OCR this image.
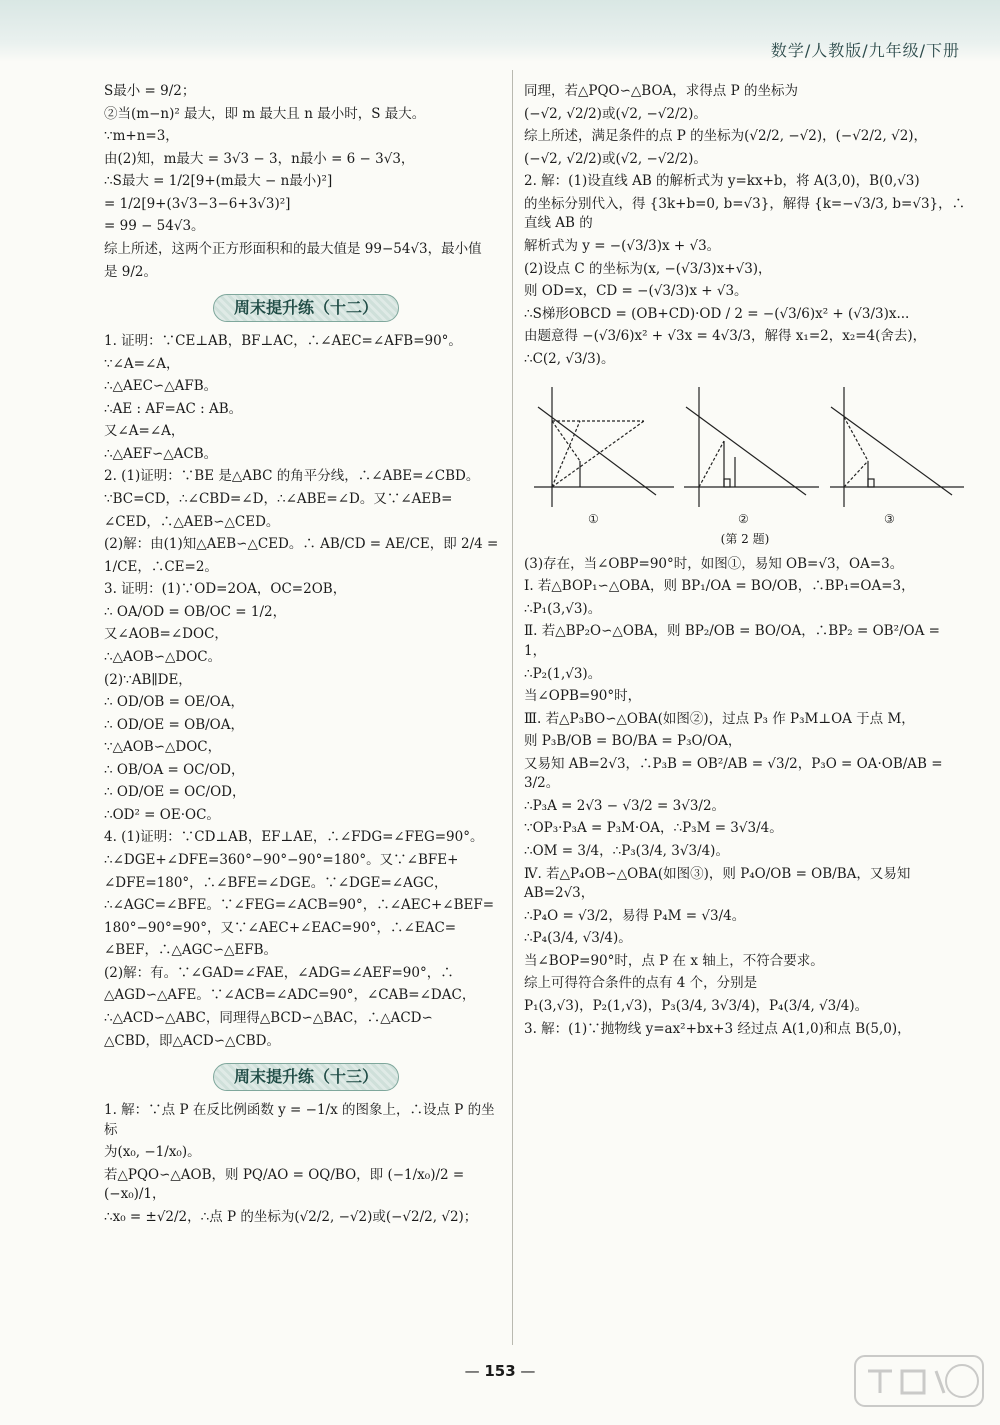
数学/人教版/九年级/下册
S最小 = 9/2；
②当(m−n)² 最大，即 m 最大且 n 最小时，S 最大。
∵m+n=3，
由(2)知，m最大 = 3√3 − 3，n最小 = 6 − 3√3，
∴S最大 = 1/2[9+(m最大 − n最小)²]
= 1/2[9+(3√3−3−6+3√3)²]
= 99 − 54√3。
综上所述，这两个正方形面积和的最大值是 99−54√3，最小值
是 9/2。
周末提升练（十二）
1. 证明：∵CE⊥AB，BF⊥AC，∴∠AEC=∠AFB=90°。
∵∠A=∠A，
∴△AEC∽△AFB。
∴AE : AF=AC : AB。
又∠A=∠A，
∴△AEF∽△ACB。
2. (1)证明：∵BE 是△ABC 的角平分线，∴∠ABE=∠CBD。
∵BC=CD，∴∠CBD=∠D，∴∠ABE=∠D。又∵∠AEB=
∠CED，∴△AEB∽△CED。
(2)解：由(1)知△AEB∽△CED。∴ AB/CD = AE/CE，即 2/4 =
1/CE，∴CE=2。
3. 证明：(1)∵OD=2OA，OC=2OB，
∴ OA/OD = OB/OC = 1/2，
又∠AOB=∠DOC，
∴△AOB∽△DOC。
(2)∵AB∥DE，
∴ OD/OB = OE/OA，
∴ OD/OE = OB/OA，
∵△AOB∽△DOC，
∴ OB/OA = OC/OD，
∴ OD/OE = OC/OD，
∴OD² = OE·OC。
4. (1)证明：∵CD⊥AB，EF⊥AE，∴∠FDG=∠FEG=90°。
∴∠DGE+∠DFE=360°−90°−90°=180°。又∵∠BFE+
∠DFE=180°，∴∠BFE=∠DGE。∵∠DGE=∠AGC，
∴∠AGC=∠BFE。∵∠FEG=∠ACB=90°，∴∠AEC+∠BEF=
180°−90°=90°，又∵∠AEC+∠EAC=90°，∴∠EAC=
∠BEF，∴△AGC∽△EFB。
(2)解：有。∵∠GAD=∠FAE，∠ADG=∠AEF=90°，∴
△AGD∽△AFE。∵∠ACB=∠ADC=90°，∠CAB=∠DAC，
∴△ACD∽△ABC，同理得△BCD∽△BAC，∴△ACD∽
△CBD，即△ACD∽△CBD。
周末提升练（十三）
1. 解：∵点 P 在反比例函数 y = −1/x 的图象上，∴设点 P 的坐标
为(x₀, −1/x₀)。
若△PQO∽△AOB，则 PQ/AO = OQ/BO，即 (−1/x₀)/2 = (−x₀)/1，
∴x₀ = ±√2/2，∴点 P 的坐标为(√2/2, −√2)或(−√2/2, √2)；
同理，若△PQO∽△BOA，求得点 P 的坐标为
(−√2, √2/2)或(√2, −√2/2)。
综上所述，满足条件的点 P 的坐标为(√2/2, −√2)，(−√2/2, √2)，
(−√2, √2/2)或(√2, −√2/2)。
2. 解：(1)设直线 AB 的解析式为 y=kx+b，将 A(3,0)，B(0,√3)
的坐标分别代入，得 {3k+b=0, b=√3}，解得 {k=−√3/3, b=√3}，∴直线 AB 的
解析式为 y = −(√3/3)x + √3。
(2)设点 C 的坐标为(x, −(√3/3)x+√3)，
则 OD=x，CD = −(√3/3)x + √3。
∴S梯形OBCD = (OB+CD)·OD / 2 = −(√3/6)x² + (√3/3)x...
由题意得 −(√3/6)x² + √3x = 4√3/3，解得 x₁=2，x₂=4(舍去)，
∴C(2, √3/3)。
①	②	③
(第 2 题)
(3)存在，当∠OBP=90°时，如图①，易知 OB=√3，OA=3。
Ⅰ. 若△BOP₁∽△OBA，则 BP₁/OA = BO/OB，∴BP₁=OA=3，
∴P₁(3,√3)。
Ⅱ. 若△BP₂O∽△OBA，则 BP₂/OB = BO/OA，∴BP₂ = OB²/OA = 1，
∴P₂(1,√3)。
当∠OPB=90°时，
Ⅲ. 若△P₃BO∽△OBA(如图②)，过点 P₃ 作 P₃M⊥OA 于点 M，
则 P₃B/OB = BO/BA = P₃O/OA，
又易知 AB=2√3，∴P₃B = OB²/AB = √3/2，P₃O = OA·OB/AB = 3/2。
∴P₃A = 2√3 − √3/2 = 3√3/2。
∵OP₃·P₃A = P₃M·OA，∴P₃M = 3√3/4。
∴OM = 3/4，∴P₃(3/4, 3√3/4)。
Ⅳ. 若△P₄OB∽△OBA(如图③)，则 P₄O/OB = OB/BA，又易知 AB=2√3，
∴P₄O = √3/2，易得 P₄M = √3/4。
∴P₄(3/4, √3/4)。
当∠BOP=90°时，点 P 在 x 轴上，不符合要求。
综上可得符合条件的点有 4 个，分别是
P₁(3,√3)，P₂(1,√3)，P₃(3/4, 3√3/4)，P₄(3/4, √3/4)。
3. 解：(1)∵抛物线 y=ax²+bx+3 经过点 A(1,0)和点 B(5,0)，
— 153 —
